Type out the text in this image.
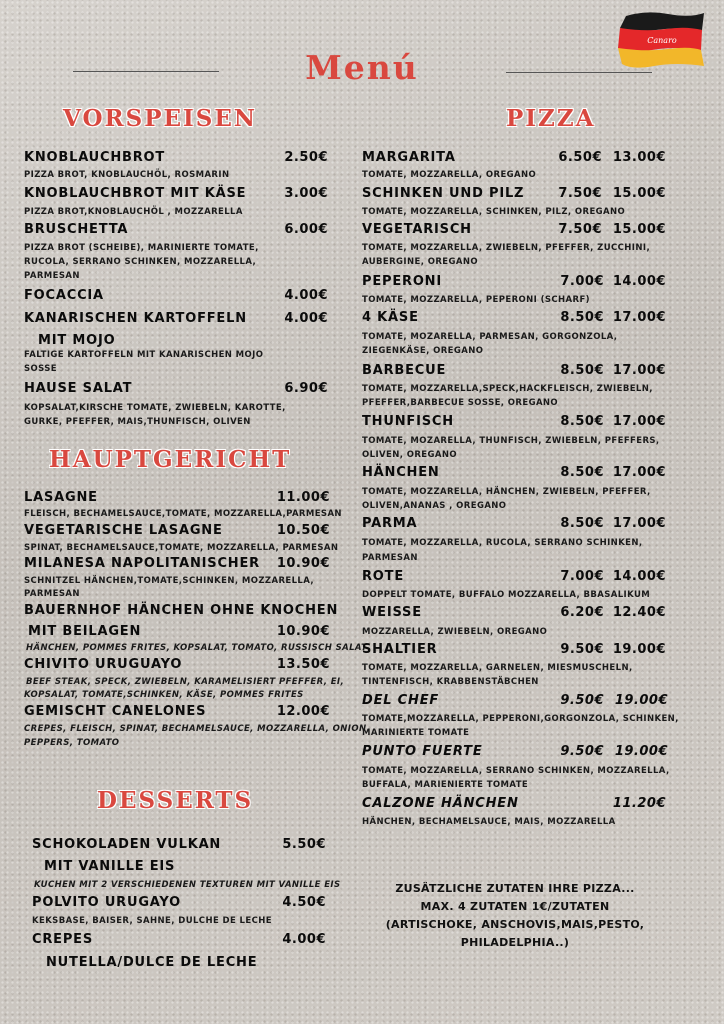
Menú
Canaro
VORSPEISEN	PIZZA
HAUPTGERICHT
DESSERTS
KNOBLAUCHBROT	2.50€
PIZZA BROT, KNOBLAUCHÖL, ROSMARIN
KNOBLAUCHBROT MIT KÄSE	3.00€
PIZZA BROT,KNOBLAUCHÖL , MOZZARELLA
BRUSCHETTA	6.00€
PIZZA BROT (SCHEIBE), MARINIERTE TOMATE,
RUCOLA, SERRANO SCHINKEN, MOZZARELLA,
PARMESAN
FOCACCIA	4.00€
KANARISCHEN KARTOFFELN	4.00€
MIT MOJO
FALTIGE KARTOFFELN MIT KANARISCHEN MOJO
SOSSE
HAUSE SALAT	6.90€
KOPSALAT,KIRSCHE TOMATE, ZWIEBELN, KAROTTE,
GURKE, PFEFFER, MAIS,THUNFISCH, OLIVEN
LASAGNE	11.00€
FLEISCH, BECHAMELSAUCE,TOMATE, MOZZARELLA,PARMESAN
VEGETARISCHE LASAGNE	10.50€
SPINAT, BECHAMELSAUCE,TOMATE, MOZZARELLA, PARMESAN
MILANESA NAPOLITANISCHER	10.90€
SCHNITZEL HÄNCHEN,TOMATE,SCHINKEN, MOZZARELLA,
PARMESAN
BAUERNHOF HÄNCHEN OHNE KNOCHEN
MIT BEILAGEN	10.90€
HÄNCHEN, POMMES FRITES, KOPSALAT, TOMATO, RUSSISCH SALAT
CHIVITO URUGUAYO	13.50€
BEEF STEAK, SPECK, ZWIEBELN, KARAMELISIERT PFEFFER, EI,
KOPSALAT, TOMATE,SCHINKEN, KÄSE, POMMES FRITES
GEMISCHT CANELONES	12.00€
CREPES, FLEISCH, SPINAT, BECHAMELSAUCE, MOZZARELLA, ONION,
PEPPERS, TOMATO
SCHOKOLADEN VULKAN	5.50€
MIT VANILLE EIS
KUCHEN MIT 2 VERSCHIEDENEN TEXTUREN MIT VANILLE EIS
POLVITO URUGAYO	4.50€
KEKSBASE, BAISER, SAHNE, DULCHE DE LECHE
CREPES	4.00€
NUTELLA/DULCE DE LECHE
MARGARITA	6.50€ 13.00€
TOMATE, MOZZARELLA, OREGANO
SCHINKEN UND PILZ	7.50€ 15.00€
TOMATE, MOZZARELLA, SCHINKEN, PILZ, OREGANO
VEGETARISCH	7.50€ 15.00€
TOMATE, MOZZARELLA, ZWIEBELN, PFEFFER, ZUCCHINI,
AUBERGINE, OREGANO
PEPERONI	7.00€ 14.00€
TOMATE, MOZZARELLA, PEPERONI (SCHARF)
4 KÄSE	8.50€ 17.00€
TOMATE, MOZARELLA, PARMESAN, GORGONZOLA,
ZIEGENKÄSE, OREGANO
BARBECUE	8.50€ 17.00€
TOMATE, MOZZARELLA,SPECK,HACKFLEISCH, ZWIEBELN,
PFEFFER,BARBECUE SOSSE, OREGANO
THUNFISCH	8.50€ 17.00€
TOMATE, MOZARELLA, THUNFISCH, ZWIEBELN, PFEFFERS,
OLIVEN, OREGANO
HÄNCHEN	8.50€ 17.00€
TOMATE, MOZZARELLA, HÄNCHEN, ZWIEBELN, PFEFFER,
OLIVEN,ANANAS , OREGANO
PARMA	8.50€ 17.00€
TOMATE, MOZZARELLA, RUCOLA, SERRANO SCHINKEN,
PARMESAN
ROTE	7.00€ 14.00€
DOPPELT TOMATE, BUFFALO MOZZARELLA, BBASALIKUM
WEISSE	6.20€ 12.40€
MOZZARELLA, ZWIEBELN, OREGANO
SHALTIER	9.50€ 19.00€
TOMATE, MOZZARELLA, GARNELEN, MIESMUSCHELN,
TINTENFISCH, KRABBENSTÄBCHEN
DEL CHEF	9.50€ 19.00€
TOMATE,MOZZARELLA, PEPPERONI,GORGONZOLA, SCHINKEN,
MARINIERTE TOMATE
PUNTO FUERTE	9.50€ 19.00€
TOMATE, MOZZARELLA, SERRANO SCHINKEN, MOZZARELLA,
BUFFALA, MARIENIERTE TOMATE
CALZONE HÄNCHEN	11.20€
HÄNCHEN, BECHAMELSAUCE, MAIS, MOZZARELLA
ZUSÄTZLICHE ZUTATEN IHRE PIZZA...
MAX. 4 ZUTATEN 1€/ZUTATEN
(ARTISCHOKE, ANSCHOVIS,MAIS,PESTO,
PHILADELPHIA..)
